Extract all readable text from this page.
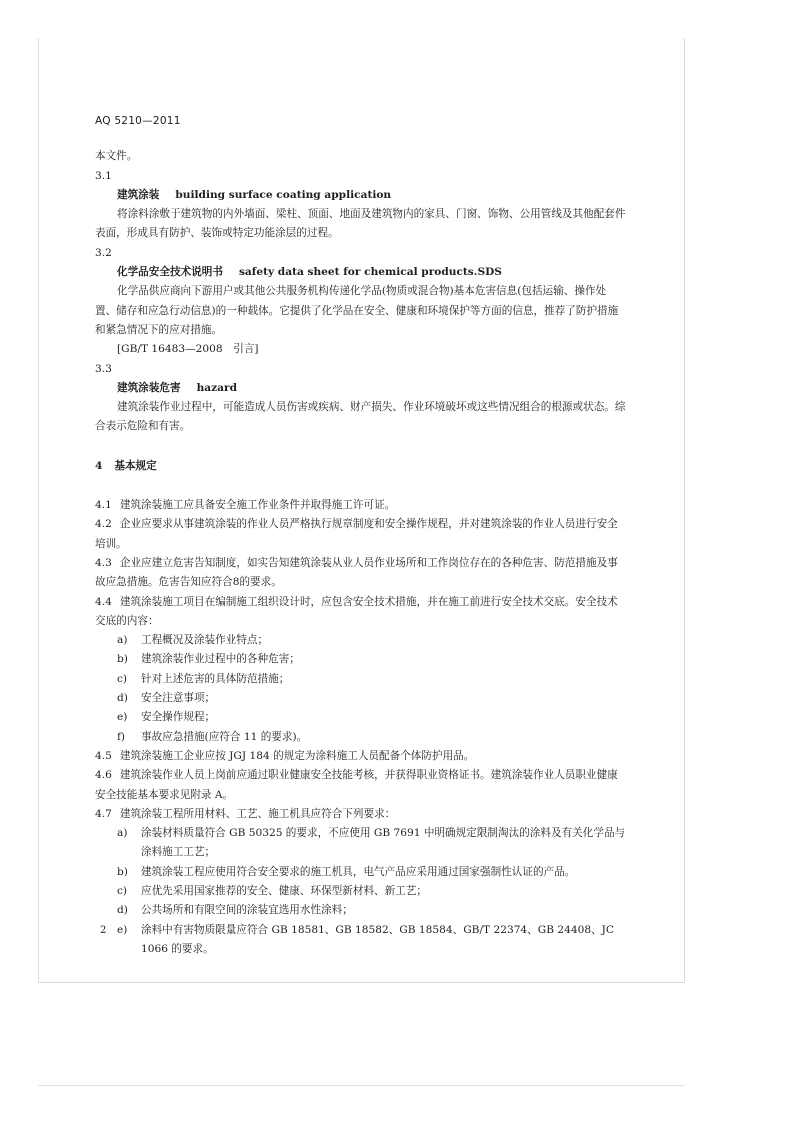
AQ 5210—2011

本文件。

3.1

建筑涂装 building surface coating application

将涂料涂敷于建筑物的内外墙面、梁柱、顶面、地面及建筑物内的家具、门窗、饰物、公用管线及其他配套件表面，形成具有防护、装饰或特定功能涂层的过程。

3.2

化学品安全技术说明书 safety data sheet for chemical products.SDS

化学品供应商向下游用户或其他公共服务机构传递化学品(物质或混合物)基本危害信息(包括运输、操作处置、储存和应急行动信息)的一种载体。它提供了化学品在安全、健康和环境保护等方面的信息，推荐了防护措施和紧急情况下的应对措施。

[GB/T 16483—2008　引言]

3.3

建筑涂装危害 hazard

建筑涂装作业过程中，可能造成人员伤害或疾病、财产损失、作业环境破坏或这些情况组合的根源或状态。综合表示危险和有害。

4 基本规定

4.1 建筑涂装施工应具备安全施工作业条件并取得施工许可证。

4.2 企业应要求从事建筑涂装的作业人员严格执行规章制度和安全操作规程，并对建筑涂装的作业人员进行安全培训。

4.3 企业应建立危害告知制度，如实告知建筑涂装从业人员作业场所和工作岗位存在的各种危害、防范措施及事故应急措施。危害告知应符合8的要求。

4.4 建筑涂装施工项目在编制施工组织设计时，应包含安全技术措施，并在施工前进行安全技术交底。安全技术交底的内容：

a) 工程概况及涂装作业特点；
b) 建筑涂装作业过程中的各种危害；
c) 针对上述危害的具体防范措施；
d) 安全注意事项；
e) 安全操作规程；
f) 事故应急措施(应符合 11 的要求)。

4.5 建筑涂装施工企业应按 JGJ 184 的规定为涂料施工人员配备个体防护用品。

4.6 建筑涂装作业人员上岗前应通过职业健康安全技能考核，并获得职业资格证书。建筑涂装作业人员职业健康安全技能基本要求见附录 A。

4.7 建筑涂装工程所用材料、工艺、施工机具应符合下列要求：

a) 涂装材料质量符合 GB 50325 的要求，不应使用 GB 7691 中明确规定限制淘汰的涂料及有关化学品与涂料施工工艺；
b) 建筑涂装工程应使用符合安全要求的施工机具，电气产品应采用通过国家强制性认证的产品。
c) 应优先采用国家推荐的安全、健康、环保型新材料、新工艺；
d) 公共场所和有限空间的涂装宜选用水性涂料；
e) 涂料中有害物质限量应符合 GB 18581、GB 18582、GB 18584、GB/T 22374、GB 24408、JC 1066 的要求。
2
